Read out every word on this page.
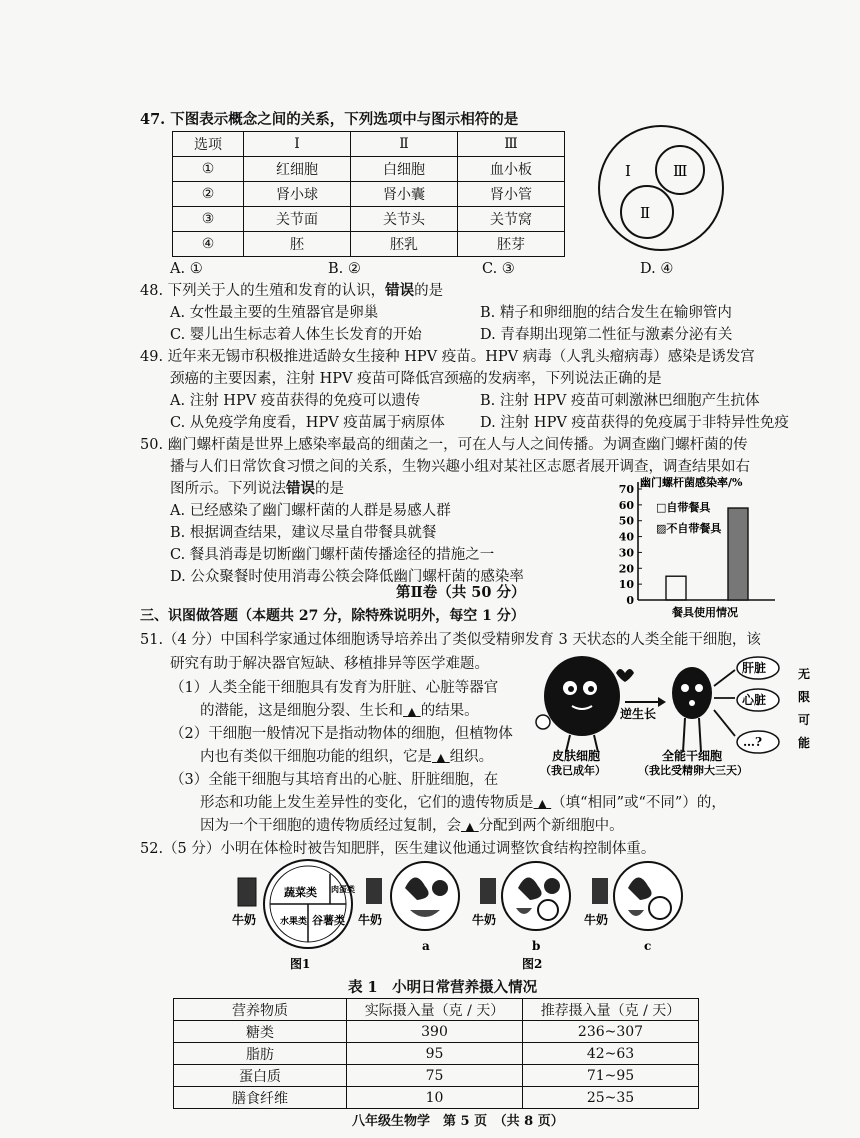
47. 下图表示概念之间的关系，下列选项中与图示相符的是
选项	Ⅰ	Ⅱ	Ⅲ
①	红细胞	白细胞	血小板
②	肾小球	肾小囊	肾小管
③	关节面	关节头	关节窝
④	胚	胚乳	胚芽
Ⅰ	Ⅲ
Ⅱ
A. ①	B. ②	C. ③	D. ④
48. 下列关于人的生殖和发育的认识，错误的是
A. 女性最主要的生殖器官是卵巢	B. 精子和卵细胞的结合发生在输卵管内
C. 婴儿出生标志着人体生长发育的开始	D. 青春期出现第二性征与激素分泌有关
49. 近年来无锡市积极推进适龄女生接种 HPV 疫苗。HPV 病毒（人乳头瘤病毒）感染是诱发宫
颈癌的主要因素，注射 HPV 疫苗可降低宫颈癌的发病率，下列说法正确的是
A. 注射 HPV 疫苗获得的免疫可以遗传	B. 注射 HPV 疫苗可刺激淋巴细胞产生抗体
C. 从免疫学角度看，HPV 疫苗属于病原体 D. 注射 HPV 疫苗获得的免疫属于非特异性免疫
50. 幽门螺杆菌是世界上感染率最高的细菌之一，可在人与人之间传播。为调查幽门螺杆菌的传
播与人们日常饮食习惯之间的关系，生物兴趣小组对某社区志愿者展开调查，调查结果如右
图所示。下列说法错误的是
A. 已经感染了幽门螺杆菌的人群是易感人群
B. 根据调查结果，建议尽量自带餐具就餐
C. 餐具消毒是切断幽门螺杆菌传播途径的措施之一
D. 公众聚餐时使用消毒公筷会降低幽门螺杆菌的感染率
幽门螺杆菌感染率/%
0
10
20
30
40
50
60
70
□自带餐具
▨不自带餐具
餐具使用情况
第Ⅱ卷（共 50 分）
三、识图做答题（本题共 27 分，除特殊说明外，每空 1 分）
51.（4 分）中国科学家通过体细胞诱导培养出了类似受精卵发育 3 天状态的人类全能干细胞，该
研究有助于解决器官短缺、移植排异等医学难题。
（1）人类全能干细胞具有发育为肝脏、心脏等器官
的潜能，这是细胞分裂、生长和 ▲ 的结果。
（2）干细胞一般情况下是指动物体的细胞，但植物体
内也有类似干细胞功能的组织，它是 ▲ 组织。
（3）全能干细胞与其培育出的心脏、肝脏细胞，在
形态和功能上发生差异性的变化，它们的遗传物质是 ▲ （填“相同”或“不同”）的，
因为一个干细胞的遗传物质经过复制，会 ▲ 分配到两个新细胞中。
逆生长
肝脏
心脏
…?
无
限
可
能
皮肤细胞
（我已成年）
全能干细胞
（我比受精卵大三天）
52.（5 分）小明在体检时被告知肥胖，医生建议他通过调整饮食结构控制体重。
牛奶
蔬菜类 肉蛋类
水果类 谷薯类
图1
牛奶
a
牛奶
b
牛奶
c
图2
表 1　小明日常营养摄入情况
营养物质	实际摄入量（克 / 天）	推荐摄入量（克 / 天）
糖类	390	236~307
脂肪	95	42~63
蛋白质	75	71~95
膳食纤维	10	25~35
八年级生物学　第 5 页　（共 8 页）
